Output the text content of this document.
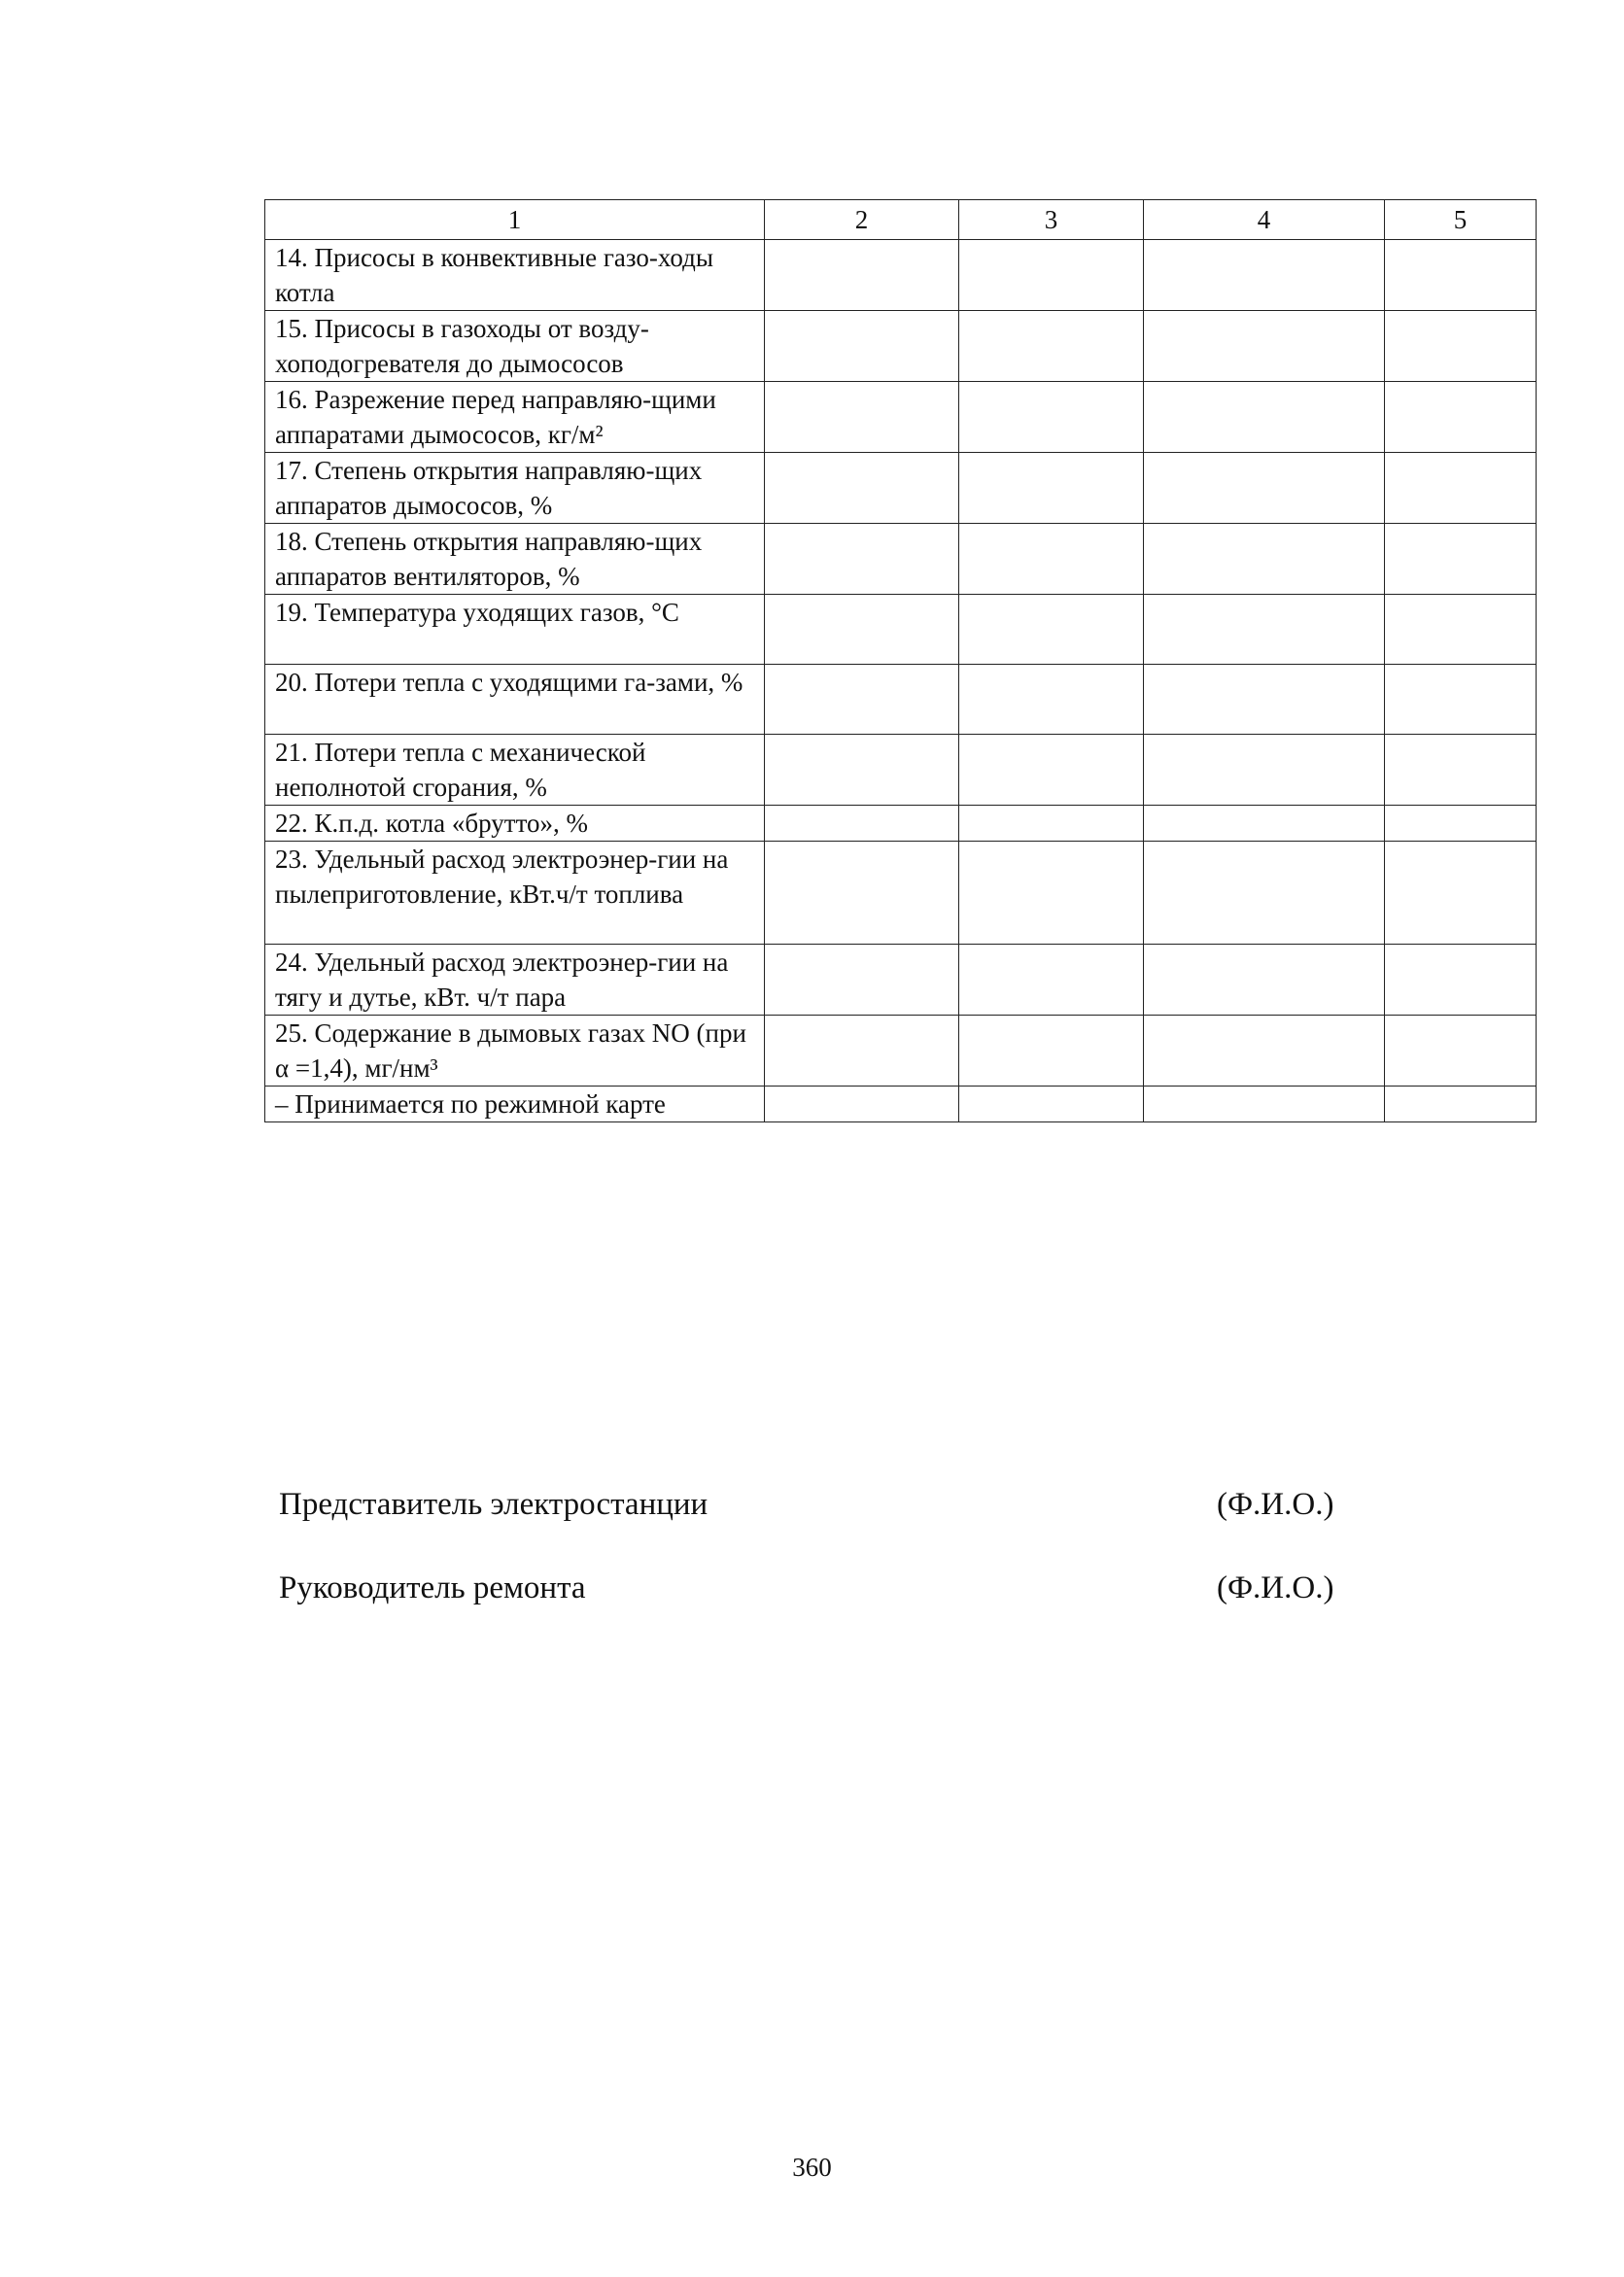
1	2	3	4	5
14. Присосы в конвективные газо-ходы котла				
15. Присосы в газоходы от возду-хоподогревателя до дымососов				
16. Разрежение перед направляю-щими аппаратами дымососов, кг/м²				
17. Степень открытия направляю-щих аппаратов дымососов, %				
18. Степень открытия направляю-щих аппаратов вентиляторов, %				
19. Температура уходящих газов, °С				
20. Потери тепла с уходящими га-зами, %				
21. Потери тепла с механической неполнотой сгорания, %				
22. К.п.д. котла «брутто», %				
23. Удельный расход электроэнер-гии на пылеприготовление, кВт.ч/т топлива				
24. Удельный расход электроэнер-гии на тягу и дутье, кВт. ч/т пара				
25. Содержание в дымовых газах NO (при α =1,4), мг/нм³				
– Принимается по режимной карте				
Представитель электростанции	(Ф.И.О.)
Руководитель ремонта	(Ф.И.О.)
360
